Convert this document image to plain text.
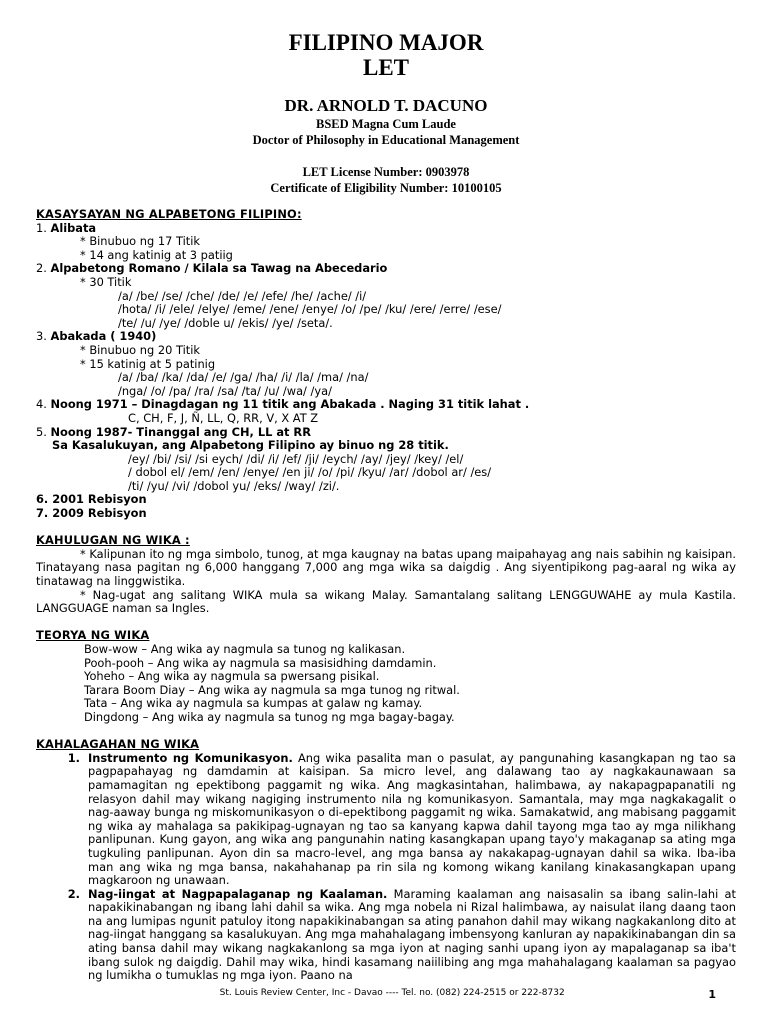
FILIPINO MAJOR
LET
DR. ARNOLD T. DACUNO
BSED Magna Cum Laude
Doctor of Philosophy in Educational Management
LET License Number: 0903978
Certificate of Eligibility Number: 10100105
KASAYSAYAN NG ALPABETONG FILIPINO:
1. Alibata
* Binubuo ng 17 Titik
* 14 ang katinig at 3 patiig
2. Alpabetong Romano / Kilala sa Tawag na Abecedario
* 30 Titik
/a/ /be/ /se/ /che/ /de/ /e/ /efe/ /he/ /ache/ /i/
/hota/ /i/ /ele/ /elye/ /eme/ /ene/ /enye/ /o/ /pe/ /ku/ /ere/ /erre/ /ese/
/te/ /u/ /ye/ /doble u/ /ekis/ /ye/ /seta/.
3. Abakada ( 1940)
* Binubuo ng 20 Titik
* 15 katinig at 5 patinig
/a/ /ba/ /ka/ /da/ /e/ /ga/ /ha/ /i/ /la/ /ma/ /na/
/nga/ /o/ /pa/ /ra/ /sa/ /ta/ /u/ /wa/ /ya/
4. Noong 1971 – Dinagdagan ng 11 titik ang Abakada . Naging 31 titik lahat .
C, CH, F, J, Ñ, LL, Q, RR, V, X AT Z
5. Noong 1987- Tinanggal ang CH, LL at RR
Sa Kasalukuyan, ang Alpabetong Filipino ay binuo ng 28 titik.
/ey/ /bi/ /si/ /si eych/ /di/ /i/ /ef/ /ji/ /eych/ /ay/ /jey/ /key/ /el/
/ dobol el/ /em/ /en/ /enye/ /en ji/ /o/ /pi/ /kyu/ /ar/ /dobol ar/ /es/
/ti/ /yu/ /vi/ /dobol yu/ /eks/ /way/ /zi/.
6. 2001 Rebisyon
7. 2009 Rebisyon
KAHULUGAN NG WIKA :
* Kalipunan ito ng mga simbolo, tunog, at mga kaugnay na batas upang maipahayag ang nais sabihin ng kaisipan. Tinatayang nasa pagitan ng 6,000 hanggang 7,000 ang mga wika sa daigdig . Ang siyentipikong pag-aaral ng wika ay tinatawag na linggwistika.
* Nag-ugat ang salitang WIKA mula sa wikang Malay. Samantalang salitang LENGGUWAHE ay mula Kastila. LANGGUAGE naman sa Ingles.
TEORYA NG WIKA
Bow-wow – Ang wika ay nagmula sa tunog ng kalikasan.
Pooh-pooh – Ang wika ay nagmula sa masisidhing damdamin.
Yoheho – Ang wika ay nagmula sa pwersang pisikal.
Tarara Boom Diay – Ang wika ay nagmula sa mga tunog ng ritwal.
Tata – Ang wika ay nagmula sa kumpas at galaw ng kamay.
Dingdong – Ang wika ay nagmula sa tunog ng mga bagay-bagay.
KAHALAGAHAN NG WIKA
1. Instrumento ng Komunikasyon. Ang wika pasalita man o pasulat, ay pangunahing kasangkapan ng tao sa pagpapahayag ng damdamin at kaisipan. Sa micro level, ang dalawang tao ay nagkakaunawaan sa pamamagitan ng epektibong paggamit ng wika. Ang magkasintahan, halimbawa, ay nakapagpapanatili ng relasyon dahil may wikang nagiging instrumento nila ng komunikasyon. Samantala, may mga nagkakagalit o nag-aaway bunga ng miskomunikasyon o di-epektibong paggamit ng wika. Samakatwid, ang mabisang paggamit ng wika ay mahalaga sa pakikipag-ugnayan ng tao sa kanyang kapwa dahil tayong mga tao ay mga nilikhang panlipunan. Kung gayon, ang wika ang pangunahin nating kasangkapan upang tayo'y makaganap sa ating mga tugkuling panlipunan. Ayon din sa macro-level, ang mga bansa ay nakakapag-ugnayan dahil sa wika. Iba-iba man ang wika ng mga bansa, nakahahanap pa rin sila ng komong wikang kanilang kinakasangkapan upang magkaroon ng unawaan.
2. Nag-iingat at Nagpapalaganap ng Kaalaman. Maraming kaalaman ang naisasalin sa ibang salin-lahi at napakikinabangan ng ibang lahi dahil sa wika. Ang mga nobela ni Rizal halimbawa, ay naisulat ilang daang taon na ang lumipas ngunit patuloy itong napakikinabangan sa ating panahon dahil may wikang nagkakanlong dito at nag-iingat hanggang sa kasalukuyan. Ang mga mahahalagang imbensyong kanluran ay napakikinabangan din sa ating bansa dahil may wikang nagkakanlong sa mga iyon at naging sanhi upang iyon ay mapalaganap sa iba't ibang sulok ng daigdig. Dahil may wika, hindi kasamang naiilibing ang mga mahahalagang kaalaman sa pagyao ng lumikha o tumuklas ng mga iyon. Paano na
St. Louis Review Center, Inc - Davao ---- Tel. no. (082) 224-2515 or 222-8732	1
